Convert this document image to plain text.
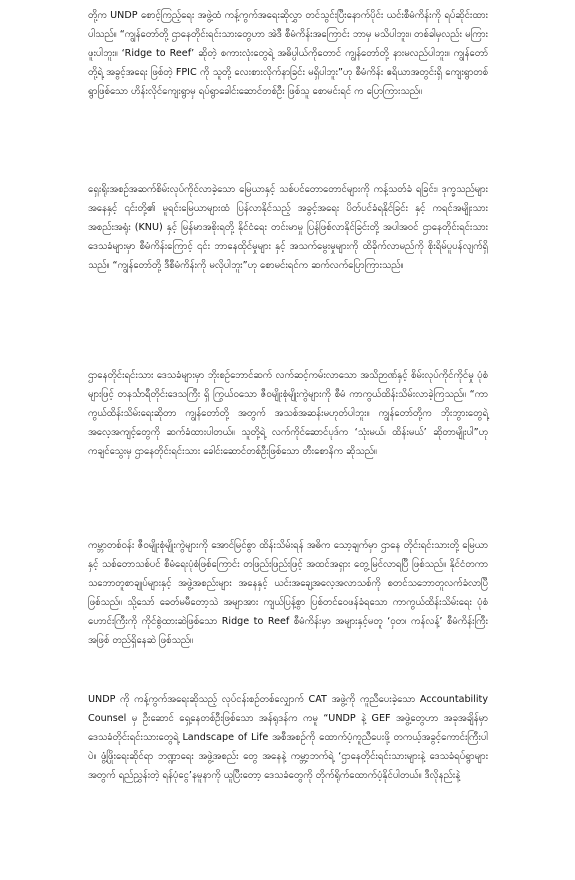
တို့က UNDP စောင့်ကြည့်ရေး အဖွဲ့ထံ ကန့်ကွက်အရေးဆိုလွှာ တင်သွင်းပြီးနောက်ပိုင်း ယင်းစီမံကိန်းကို ရပ်ဆိုင်းထားပါသည်။ “ကျွန်တော်တို့ ဌာနေတိုင်းရင်းသားတွေဟာ အဲဒီ စီမံကိန်းအကြောင်း ဘာမှ မသိပါဘူး။ တစ်ခါမှလည်း မကြားဖူးပါဘူး။ ‘Ridge to Reef’ ဆိုတဲ့ စကားလုံးတွေရဲ့ အဓိပ္ပါယ်ကိုတောင် ကျွန်တော်တို့ နားမလည်ပါဘူး။ ကျွန်တော်တို့ရဲ့ အခွင့်အရေး ဖြစ်တဲ့ FPIC ကို သူတို့ လေးစားလိုက်နာခြင်း မရှိပါဘူး”ဟု စီမံကိန်း ဧရိယာအတွင်းရှိ ကျေးရွာတစ်ရွာဖြစ်သော ဟိန်းလိုင်ကျေးရွာမှ ရပ်ရွာခေါင်းဆောင်တစ်ဦး ဖြစ်သူ စောမင်းရင် က ပြောကြားသည်။

ရှေးရိုးအစဉ်အဆက်စိမ်းလုပ်ကိုင်လာခဲ့သော မြေယာနှင့် သစ်ပင်တောတောင်များကို ကန့်သတ်ခံ ရခြင်း၊ ဒုက္ခသည်များ အနေနှင့် ၎င်းတို့၏ မူရင်းမြေယာများထံ ပြန်လာနိုင်သည့် အခွင့်အရေး ပိတ်ပင်ခံရနိုင်ခြင်း နှင့် ကရင်အမျိုးသား အစည်းအရုံး (KNU) နှင့် မြန်မာအစိုးရတို့ နိုင်ငံရေး တင်းမာမှု ပြန်ဖြစ်လာနိုင်ခြင်းတို့ အပါအဝင် ဌာနေတိုင်းရင်းသား ဒေသခံများမှာ စီမံကိန်းကြောင့် ၎င်း ဘာနေထိုင်မှုများ နှင့် အသက်မွေးမှုများကို ထိခိုက်လာမည်ကို စိုးရိမ်ပူပန်လျက်ရှိသည်။ “ကျွန်တော်တို့ ဒီစီမံကိန်းကို မလိုပါဘူး”ဟု စောမင်းရင်က ဆက်လက်ပြောကြားသည်။

ဌာနေတိုင်းရင်းသား ဒေသခံများမှာ ဘိုးစဉ်ဘောင်ဆက် လက်ဆင့်ကမ်းလာသော အသိဉာဏ်နှင့် စိမ်းလုပ်ကိုင်ကိုင်မှု ပုံစံများဖြင့် တနင်္သာရီတိုင်းဒေသကြီး ရှိ ကြွယ်ဝသော ဇီဝမျိုးစုံမျိုးကွဲများကို စီမံ ကာကွယ်ထိန်းသိမ်းလာခဲ့ကြသည်။ “ကာကွယ်ထိန်းသိမ်းရေးဆိုတာ ကျွန်တော်တို့ အတွက် အသစ်အဆန်းမဟုတ်ပါဘူး။ ကျွန်တော်တို့က ဘိုးဘွားတွေရဲ့ အလေ့အကျင့်တွေကို ဆက်ခံထားပါတယ်။ သူတို့ရဲ့ လက်ကိုင်ဆောင်ပုဒ်က ‘သုံးမယ်၊ ထိန်းမယ်’ ဆိုတာမျိုးပါ”ဟု ကချင်သွေးမှ ဌာနေတိုင်းရင်းသား ခေါင်းဆောင်တစ်ဦးဖြစ်သော တီးစောနိက ဆိုသည်။

ကမ္ဘာတစ်ဝန်း ဇီဝမျိုးစုံမျိုးကွဲများကို အောင်မြင်စွာ ထိန်းသိမ်းရန် အဓိက သော့ချက်မှာ ဌာနေ တိုင်းရင်းသားတို့ မြေယာနှင့် သစ်တောသစ်ပင် စီမံရေးပုံစံဖြစ်ကြောင်း တဖြည်းဖြည်းဖြင့် အထင်အရှား တွေ့မြင်လာရပြီ ဖြစ်သည်။ နိုင်ငံတကာ သဘောတူစာချုပ်များနှင့် အဖွဲ့အစည်းများ အနေနှင့် ယင်းအချေ့အလေ့အလာသစ်ကို စတင်သဘောတူလက်ခံလာပြီဖြစ်သည်။ သို့သော် ခေတ်မမီတော့သဲ အမျာအား ကျယ်ပြန့်စွာ ပြစ်တင်ဝေဖန်ခံရသော ကာကွယ်ထိန်းသိမ်းရေး ပုံစံဟောင်းကြီးကို ကိုင်စွဲထားဆဲဖြစ်သော Ridge to Reef စီမံကိန်းမှာ အများနှင့်မတူ ‘ဝှတ၊ ကန်လန့်’ စီမံကိန်းကြီး အဖြစ် တည်ရှိနေဆဲ ဖြစ်သည်။

UNDP ကို ကန့်ကွက်အရေးဆိုသည့် လုပ်ငန်းစဉ်တစ်လျှောက် CAT အဖွဲ့ကို ကူညီပေးခဲ့သော Accountability Counsel မှ ဦးဆောင် ရှေ့နေတစ်ဦးဖြစ်သော အန်ရုဒန်က ကမူ “UNDP နဲ့ GEF အဖွဲ့တွေဟာ အခုအချိန်မှာ ဒေသခံတိုင်းရင်းသားတွေရဲ့ Landscape of Life အစီအစဉ်ကို ထောက်ပံ့ကူညီပေးဖို့ တကယ့်အခွင့်ကောင်းကြီးပါပဲ။ ဖွံ့ဖြိုးရေးဆိုင်ရာ ဘဏ္ဍာရေး အဖွဲ့အစည်း တွေ အနေနဲ့ ကမ္ဘာ့ဘက်ရဲ့ ‘ဌာနေတိုင်းရင်းသားများနဲ့ ဒေသခံရပ်ရွာများအတွက် ရည်ညွှန်းတဲ့ ရန်ပုံငွေ’နမူနာကို ယူပြီးတော့ ဒေသခံတွေကို တိုက်ရိုက်ထောက်ပံ့နိုင်ပါတယ်။ ဒီလိုနည်းနဲ့
